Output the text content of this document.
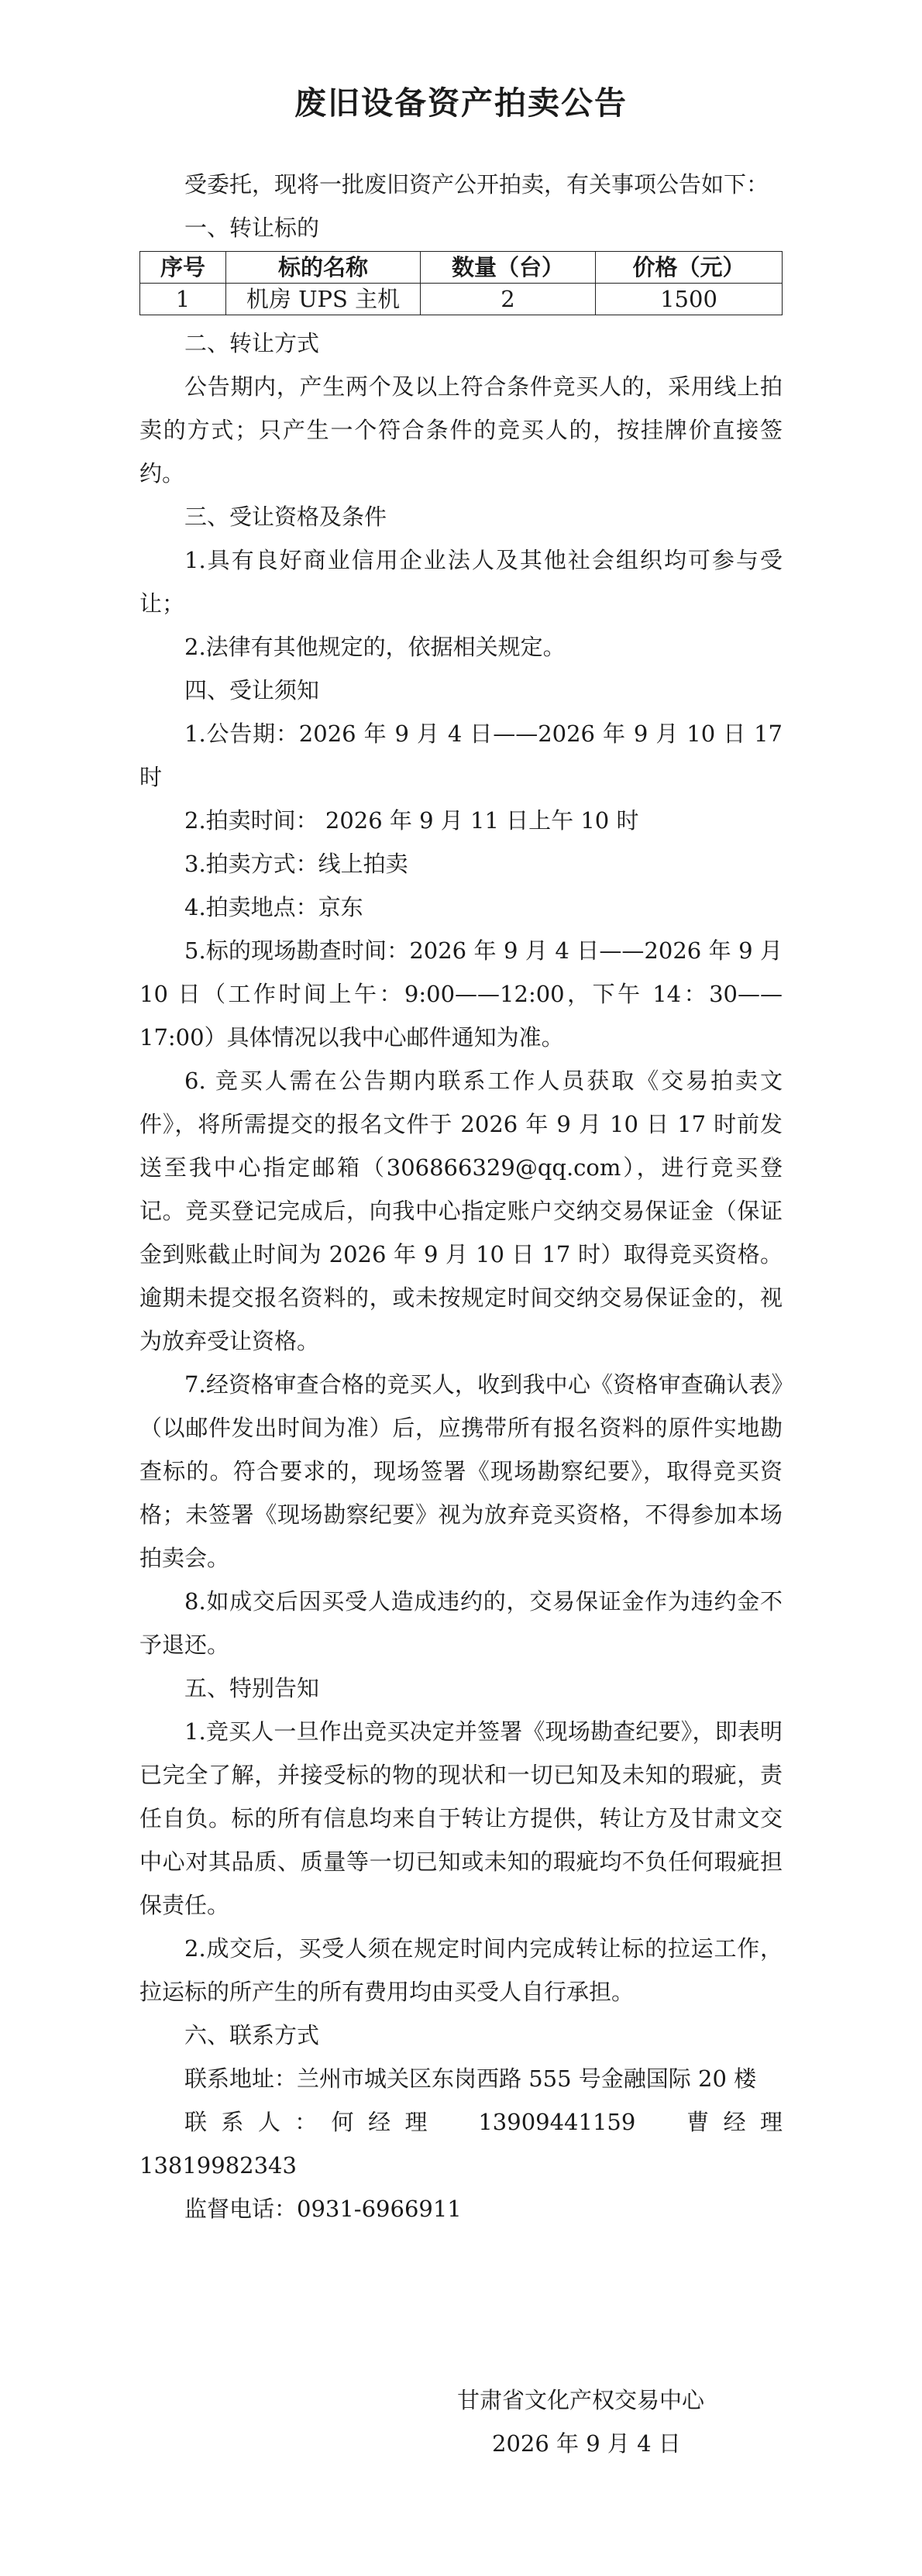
废旧设备资产拍卖公告

受委托，现将一批废旧资产公开拍卖，有关事项公告如下：

一、转让标的

序号	标的名称	数量（台）	价格（元）
1	机房 UPS 主机	2	1500

二、转让方式

公告期内，产生两个及以上符合条件竞买人的，采用线上拍卖的方式；只产生一个符合条件的竞买人的，按挂牌价直接签约。

三、受让资格及条件

1.具有良好商业信用企业法人及其他社会组织均可参与受让；

2.法律有其他规定的，依据相关规定。

四、受让须知

1.公告期：2026 年 9 月 4 日——2026 年 9 月 10 日 17 时

2.拍卖时间： 2026 年 9 月 11 日上午 10 时

3.拍卖方式：线上拍卖

4.拍卖地点：京东

5.标的现场勘查时间：2026 年 9 月 4 日——2026 年 9 月 10 日（工作时间上午：9:00——12:00，下午 14：30——17:00）具体情况以我中心邮件通知为准。

6. 竞买人需在公告期内联系工作人员获取《交易拍卖文件》，将所需提交的报名文件于 2026 年 9 月 10 日 17 时前发送至我中心指定邮箱（306866329@qq.com），进行竞买登记。竞买登记完成后，向我中心指定账户交纳交易保证金（保证金到账截止时间为 2026 年 9 月 10 日 17 时）取得竞买资格。逾期未提交报名资料的，或未按规定时间交纳交易保证金的，视为放弃受让资格。

7.经资格审查合格的竞买人，收到我中心《资格审查确认表》（以邮件发出时间为准）后，应携带所有报名资料的原件实地勘查标的。符合要求的，现场签署《现场勘察纪要》，取得竞买资格；未签署《现场勘察纪要》视为放弃竞买资格，不得参加本场拍卖会。

8.如成交后因买受人造成违约的，交易保证金作为违约金不予退还。

五、特别告知

1.竞买人一旦作出竞买决定并签署《现场勘查纪要》，即表明已完全了解，并接受标的物的现状和一切已知及未知的瑕疵，责任自负。标的所有信息均来自于转让方提供，转让方及甘肃文交中心对其品质、质量等一切已知或未知的瑕疵均不负任何瑕疵担保责任。

2.成交后，买受人须在规定时间内完成转让标的拉运工作，拉运标的所产生的所有费用均由买受人自行承担。

六、联系方式

联系地址：兰州市城关区东岗西路 555 号金融国际 20 楼

联系人：何经理　13909441159　曹经理　13819982343

监督电话：0931-6966911

甘肃省文化产权交易中心
2026 年 9 月 4 日
